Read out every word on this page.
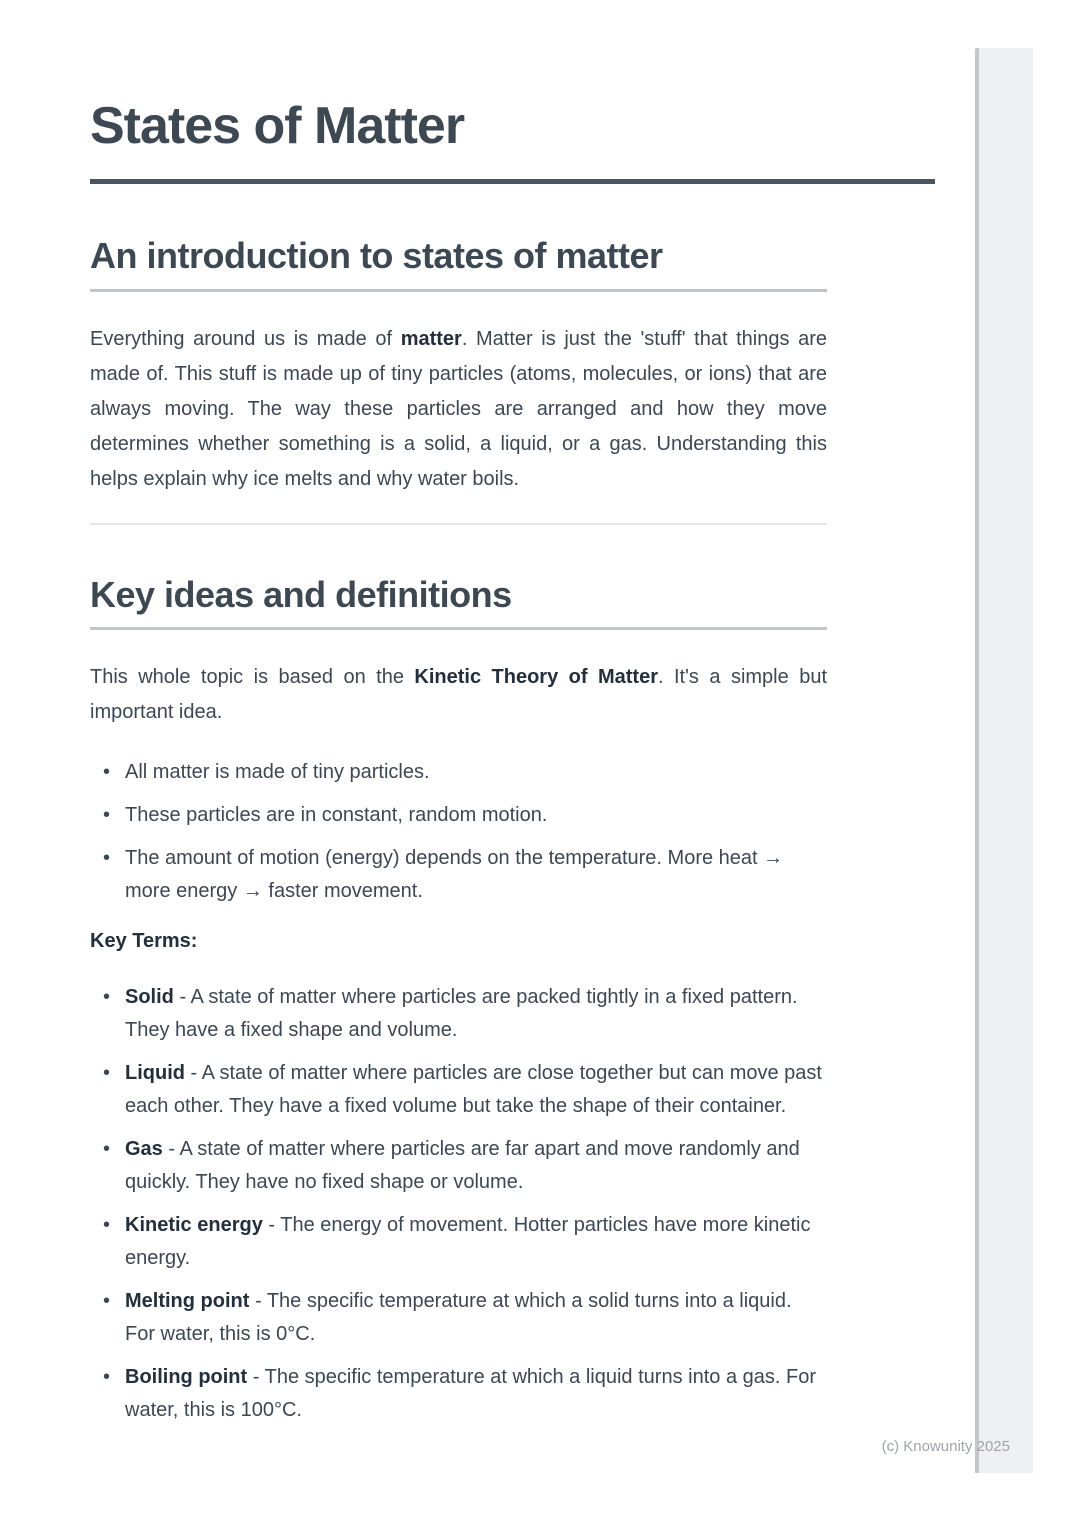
States of Matter
An introduction to states of matter

Everything around us is made of matter. Matter is just the 'stuff' that things are made of. This stuff is made up of tiny particles (atoms, molecules, or ions) that are always moving. The way these particles are arranged and how they move determines whether something is a solid, a liquid, or a gas. Understanding this helps explain why ice melts and why water boils.

Key ideas and definitions

This whole topic is based on the Kinetic Theory of Matter. It's a simple but important idea.

• All matter is made of tiny particles.
• These particles are in constant, random motion.
• The amount of motion (energy) depends on the temperature. More heat → more energy → faster movement.
Key Terms:
• Solid - A state of matter where particles are packed tightly in a fixed pattern. They have a fixed shape and volume.
• Liquid - A state of matter where particles are close together but can move past each other. They have a fixed volume but take the shape of their container.
• Gas - A state of matter where particles are far apart and move randomly and quickly. They have no fixed shape or volume.
• Kinetic energy - The energy of movement. Hotter particles have more kinetic energy.
• Melting point - The specific temperature at which a solid turns into a liquid. For water, this is 0°C.
• Boiling point - The specific temperature at which a liquid turns into a gas. For water, this is 100°C.
(c) Knowunity 2025
